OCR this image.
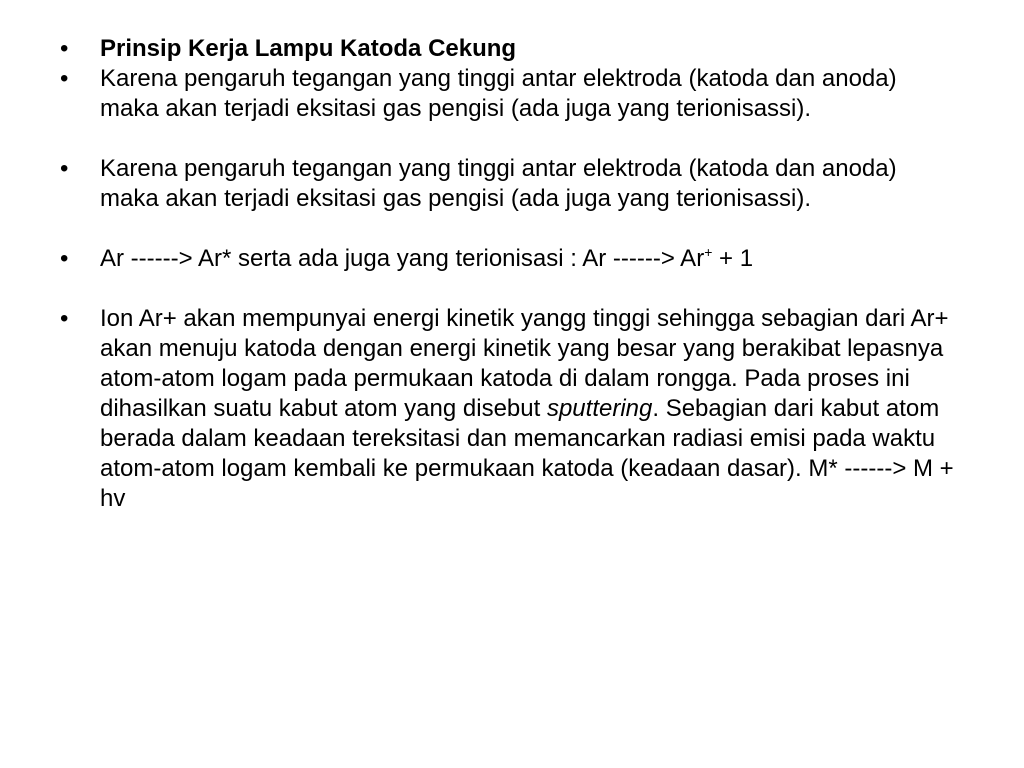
•	Prinsip Kerja Lampu Katoda Cekung
•	Karena pengaruh tegangan yang tinggi antar elektroda (katoda dan anoda) maka akan terjadi eksitasi gas pengisi (ada juga yang terionisassi).
•	Karena pengaruh tegangan yang tinggi antar elektroda (katoda dan anoda) maka akan terjadi eksitasi gas pengisi (ada juga yang terionisassi).
•	Ar ------> Ar* serta ada juga yang terionisasi : Ar ------> Ar+ + 1
•	Ion Ar+ akan mempunyai energi kinetik yangg tinggi sehingga sebagian dari Ar+ akan menuju katoda dengan energi kinetik yang besar yang berakibat lepasnya atom-atom logam pada permukaan katoda di dalam rongga. Pada proses ini dihasilkan suatu kabut atom yang disebut sputtering. Sebagian dari kabut atom berada dalam keadaan tereksitasi dan memancarkan radiasi emisi pada waktu atom-atom logam kembali ke permukaan katoda (keadaan dasar). M* ------> M + hv
